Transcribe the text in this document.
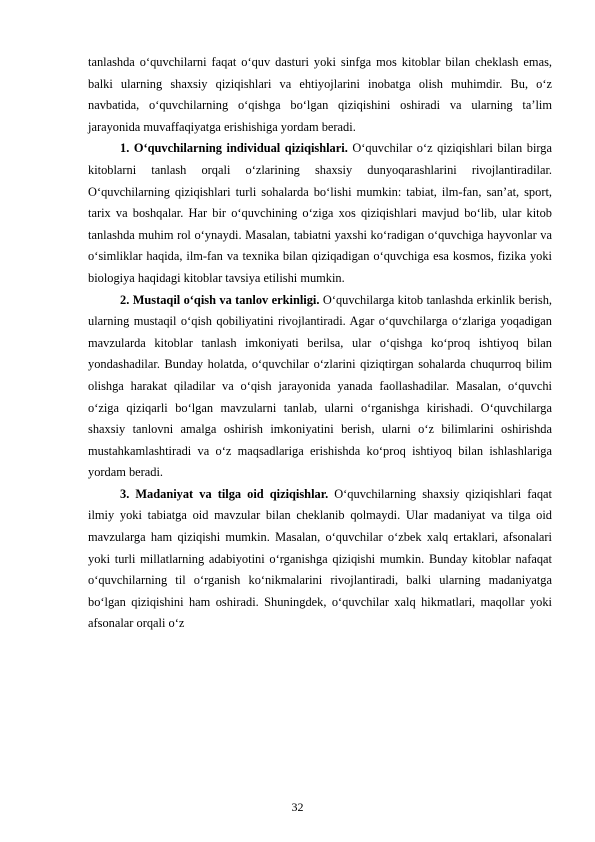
tanlashda o‘quvchilarni faqat o‘quv dasturi yoki sinfga mos kitoblar bilan cheklash emas, balki ularning shaxsiy qiziqishlari va ehtiyojlarini inobatga olish muhimdir. Bu, o‘z navbatida, o‘quvchilarning o‘qishga bo‘lgan qiziqishini oshiradi va ularning ta’lim jarayonida muvaffaqiyatga erishishiga yordam beradi.

1. O‘quvchilarning individual qiziqishlari. O‘quvchilar o‘z qiziqishlari bilan birga kitoblarni tanlash orqali o‘zlarining shaxsiy dunyoqarashlarini rivojlantiradilar. O‘quvchilarning qiziqishlari turli sohalarda bo‘lishi mumkin: tabiat, ilm-fan, san’at, sport, tarix va boshqalar. Har bir o‘quvchining o‘ziga xos qiziqishlari mavjud bo‘lib, ular kitob tanlashda muhim rol o‘ynaydi. Masalan, tabiatni yaxshi ko‘radigan o‘quvchiga hayvonlar va o‘simliklar haqida, ilm-fan va texnika bilan qiziqadigan o‘quvchiga esa kosmos, fizika yoki biologiya haqidagi kitoblar tavsiya etilishi mumkin.

2. Mustaqil o‘qish va tanlov erkinligi. O‘quvchilarga kitob tanlashda erkinlik berish, ularning mustaqil o‘qish qobiliyatini rivojlantiradi. Agar o‘quvchilarga o‘zlariga yoqadigan mavzularda kitoblar tanlash imkoniyati berilsa, ular o‘qishga ko‘proq ishtiyoq bilan yondashadilar. Bunday holatda, o‘quvchilar o‘zlarini qiziqtirgan sohalarda chuqurroq bilim olishga harakat qiladilar va o‘qish jarayonida yanada faollashadilar. Masalan, o‘quvchi o‘ziga qiziqarli bo‘lgan mavzularni tanlab, ularni o‘rganishga kirishadi. O‘quvchilarga shaxsiy tanlovni amalga oshirish imkoniyatini berish, ularni o‘z bilimlarini oshirishda mustahkamlashtiradi va o‘z maqsadlariga erishishda ko‘proq ishtiyoq bilan ishlashlariga yordam beradi.

3. Madaniyat va tilga oid qiziqishlar. O‘quvchilarning shaxsiy qiziqishlari faqat ilmiy yoki tabiatga oid mavzular bilan cheklanib qolmaydi. Ular madaniyat va tilga oid mavzularga ham qiziqishi mumkin. Masalan, o‘quvchilar o‘zbek xalq ertaklari, afsonalari yoki turli millatlarning adabiyotini o‘rganishga qiziqishi mumkin. Bunday kitoblar nafaqat o‘quvchilarning til o‘rganish ko‘nikmalarini rivojlantiradi, balki ularning madaniyatga bo‘lgan qiziqishini ham oshiradi. Shuningdek, o‘quvchilar xalq hikmatlari, maqollar yoki afsonalar orqali o‘z

32
